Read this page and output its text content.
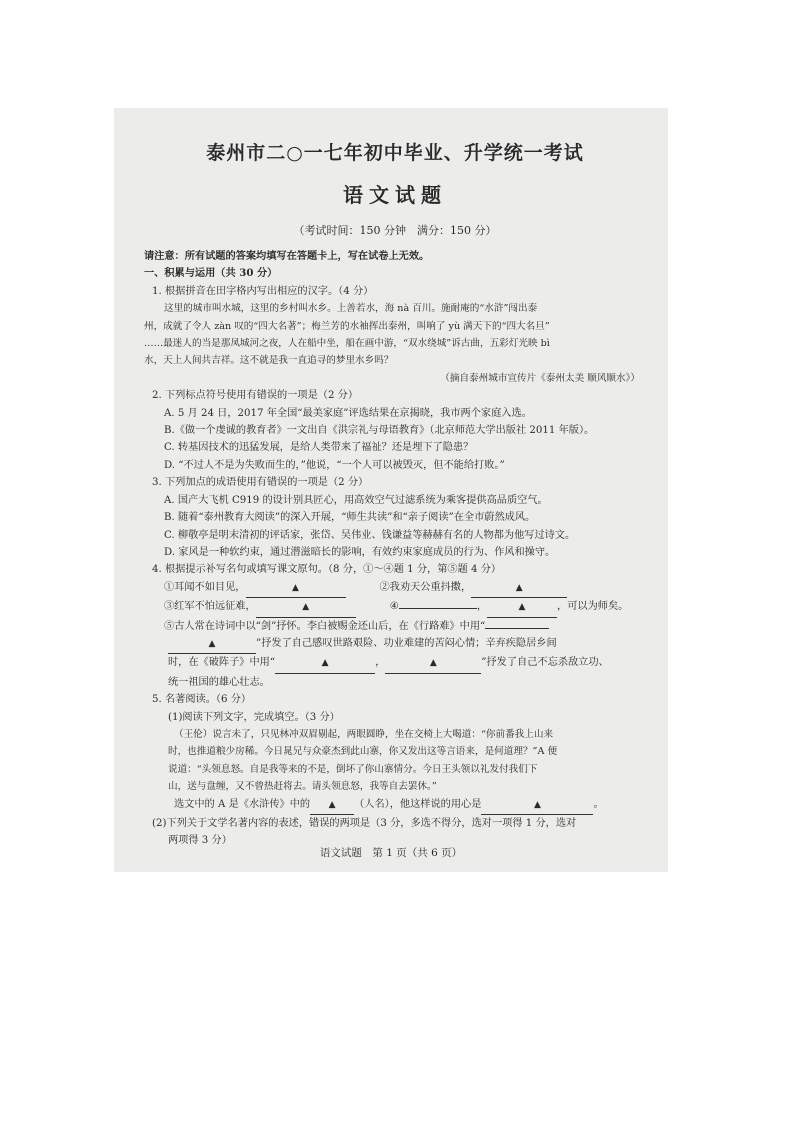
泰州市二○一七年初中毕业、升学统一考试
语文试题
（考试时间：150 分钟　满分：150 分）
请注意：所有试题的答案均填写在答题卡上，写在试卷上无效。
一、积累与运用（共 30 分）
1. 根据拼音在田字格内写出相应的汉字。（4 分）
这里的城市叫水城，这里的乡村叫水乡。上善若水，海 nà 百川。施耐庵的“水浒”闯出泰
州，成就了令人 zàn 叹的“四大名著”；梅兰芳的水袖挥出泰州，叫响了 yù 满天下的“四大名旦”
……最迷人的当是那凤城河之夜，人在船中坐，船在画中游，“双水绕城”诉古曲，五彩灯光映 bì
水，天上人间共吉祥。这不就是我一直追寻的梦里水乡吗？
（摘自泰州城市宣传片《泰州太美 顺风顺水》）
2. 下列标点符号使用有错误的一项是（2 分）
A. 5 月 24 日，2017 年全国“最美家庭”评选结果在京揭晓，我市两个家庭入选。
B.《做一个虔诚的教育者》一文出自《洪宗礼与母语教育》（北京师范大学出版社 2011 年版）。
C. 转基因技术的迅猛发展，是给人类带来了福祉？还是埋下了隐患？
D. “不过人不是为失败而生的，”他说，“一个人可以被毁灭，但不能给打败。”
3. 下列加点的成语使用有错误的一项是（2 分）
A. 国产大飞机 C919 的设计别具匠心，用高效空气过滤系统为乘客提供高品质空气。
B. 随着“泰州教育大阅读”的深入开展，“师生共读”和“亲子阅读”在全市蔚然成风。
C. 柳敬亭是明末清初的评话家，张岱、吴伟业、钱谦益等赫赫有名的人物都为他写过诗文。
D. 家风是一种软约束，通过潜滋暗长的影响，有效约束家庭成员的行为、作风和操守。
4. 根据提示补写名句或填写课文原句。（8 分，①～④题 1 分，第⑤题 4 分）
①耳闻不如目见，	▲	②我劝天公重抖擞，	▲
③红军不怕远征难，	▲	④	，	▲	，可以为师矣。
⑤古人常在诗词中以“剑”抒怀。李白被赐金还山后，在《行路难》中用“
▲	”抒发了自己感叹世路艰险、功业难建的苦闷心情；辛弃疾隐居乡间
时，在《破阵子》中用“	▲	，	▲	”抒发了自己不忘杀敌立功、
统一祖国的雄心壮志。
5. 名著阅读。（6 分）
(1)阅读下列文字，完成填空。（3 分）
（王伦）说言未了，只见林冲双眉剔起，两眼圆睁，坐在交椅上大喝道：“你前番我上山来
时，也推道粮少房稀。今日晁兄与众豪杰到此山寨，你又发出这等言语来，是何道理？”A 便
说道：“头领息怒。自是我等来的不是，倒坏了你山寨情分。今日王头领以礼发付我们下
山，送与盘缠，又不曾热赶将去。请头领息怒，我等自去罢休。”
选文中的 A 是《水浒传》中的 ▲ （人名），他这样说的用心是	▲	。
(2)下列关于文学名著内容的表述，错误的两项是（3 分，多选不得分，选对一项得 1 分，选对
两项得 3 分）
语文试题　第 1 页（共 6 页）
